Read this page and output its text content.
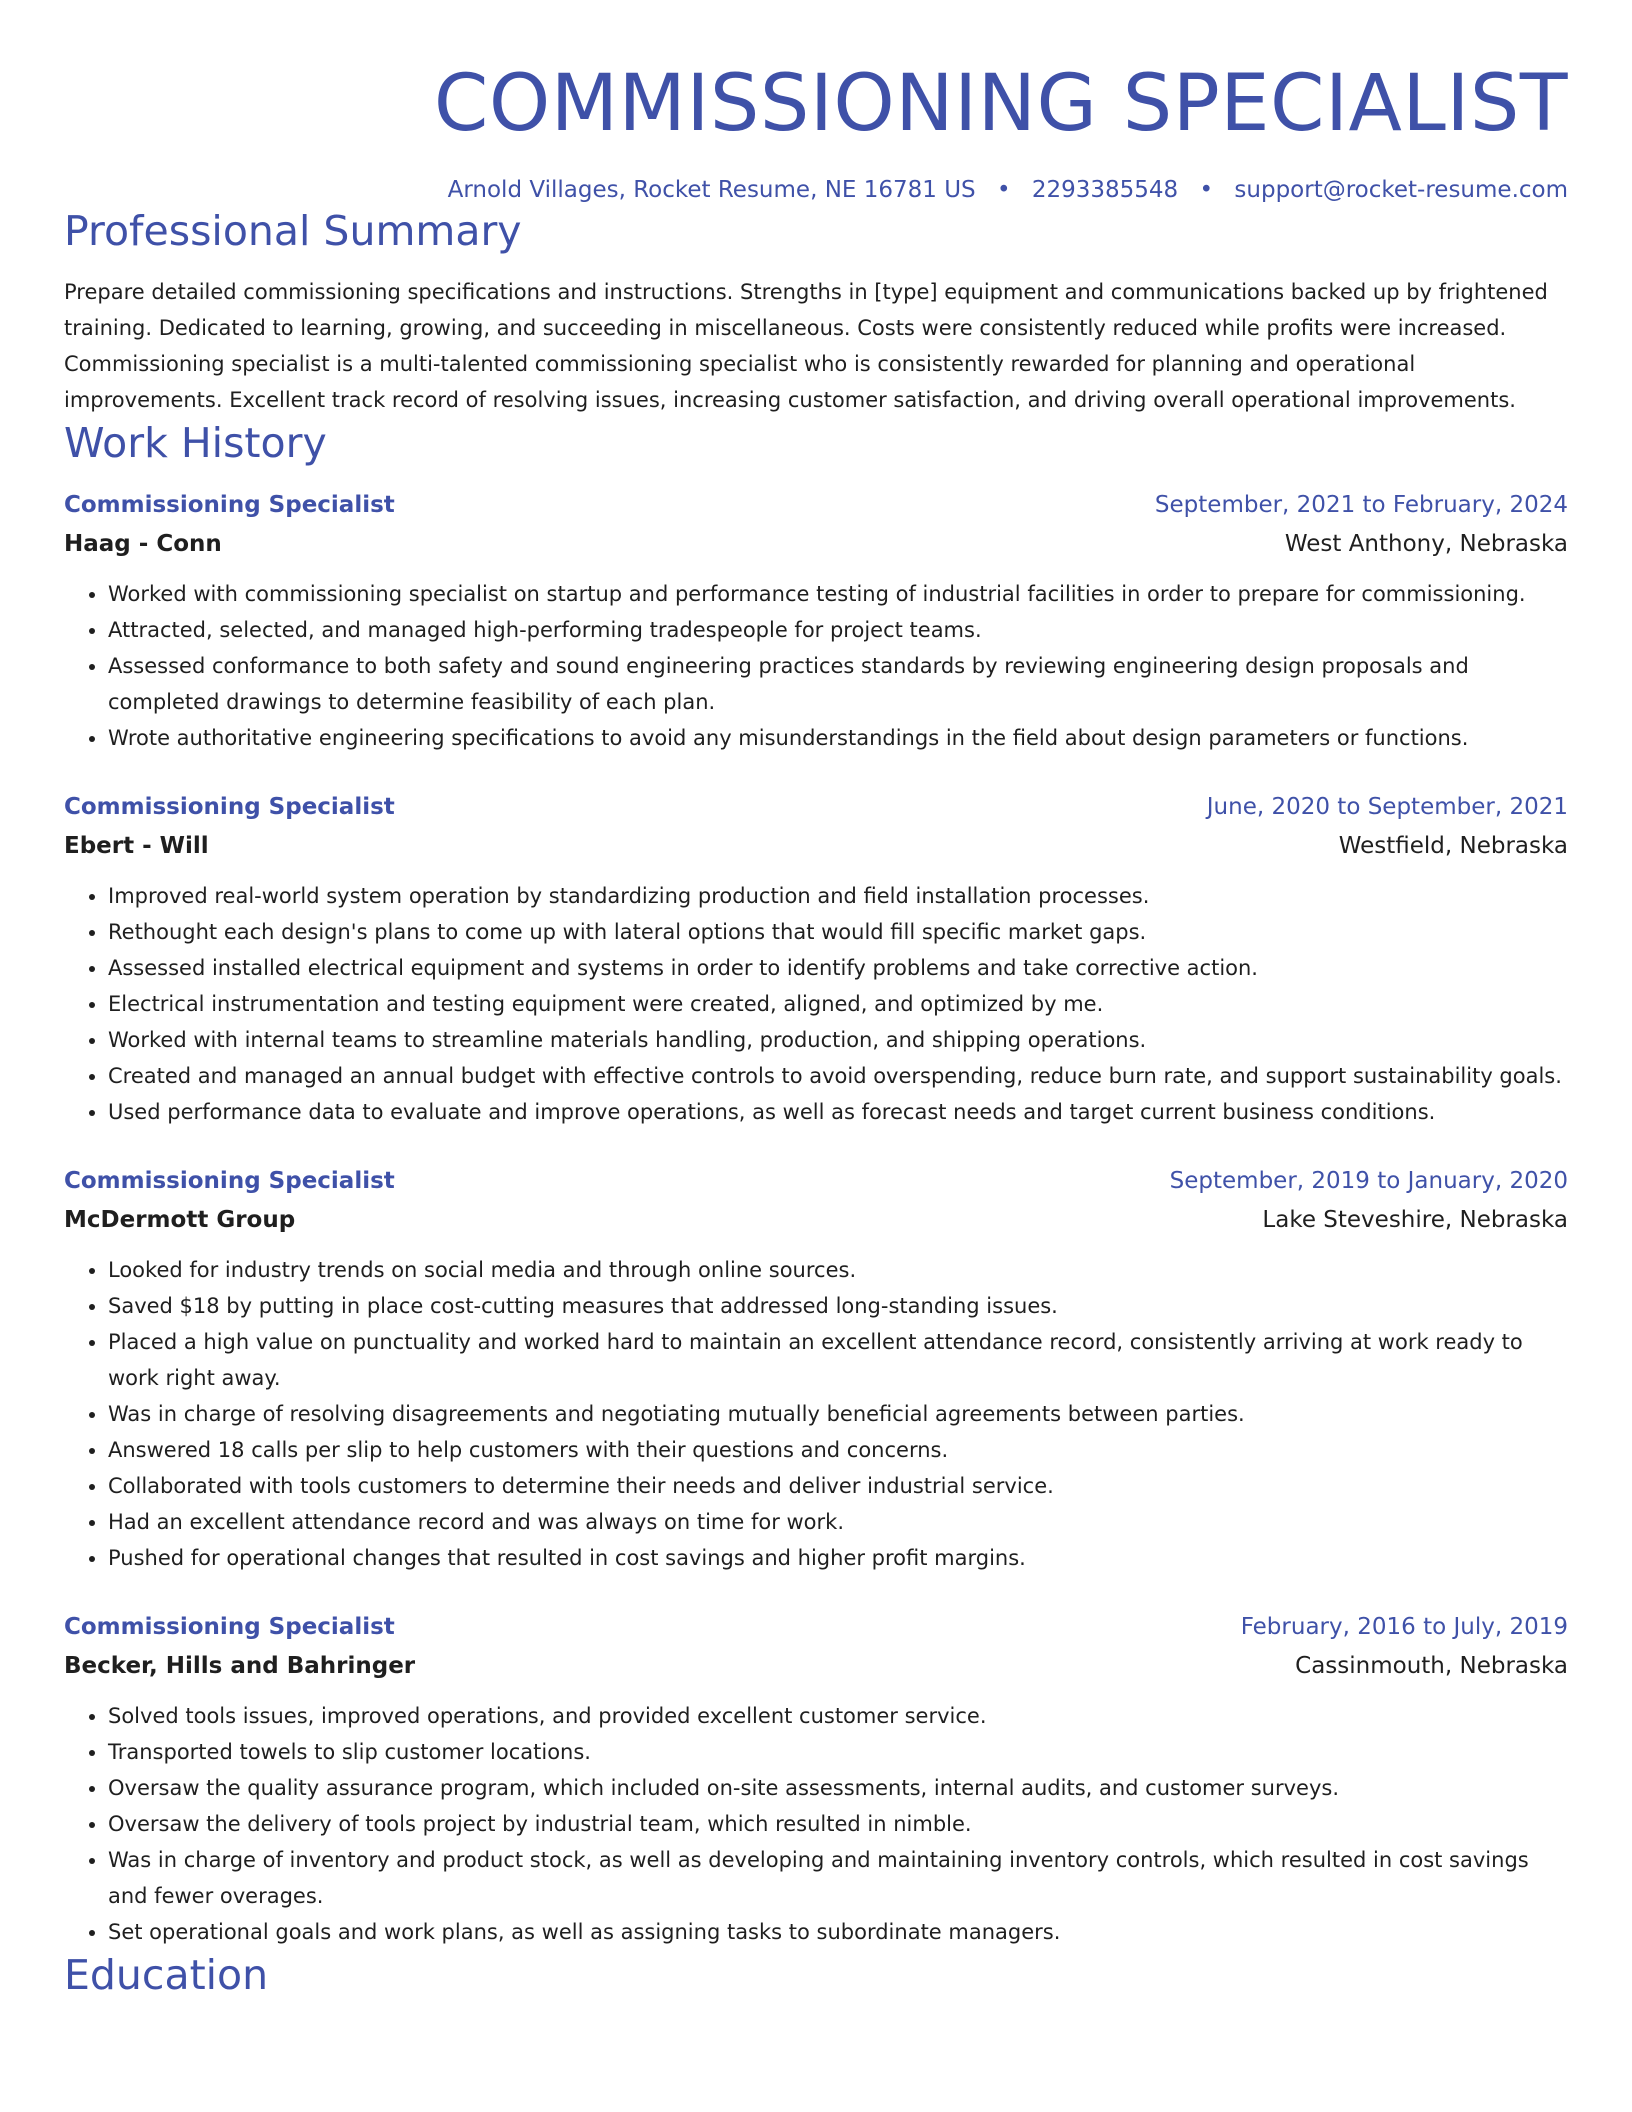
COMMISSIONING SPECIALIST
Arnold Villages, Rocket Resume, NE 16781 US • 2293385548 • support@rocket-resume.com
Professional Summary
Prepare detailed commissioning specifications and instructions. Strengths in [type] equipment and communications backed up by frightened training. Dedicated to learning, growing, and succeeding in miscellaneous. Costs were consistently reduced while profits were increased. Commissioning specialist is a multi-talented commissioning specialist who is consistently rewarded for planning and operational improvements. Excellent track record of resolving issues, increasing customer satisfaction, and driving overall operational improvements.
Work History
Commissioning Specialist	September, 2021 to February, 2024
Haag - Conn	West Anthony, Nebraska
• Worked with commissioning specialist on startup and performance testing of industrial facilities in order to prepare for commissioning.
• Attracted, selected, and managed high-performing tradespeople for project teams.
• Assessed conformance to both safety and sound engineering practices standards by reviewing engineering design proposals and completed drawings to determine feasibility of each plan.
• Wrote authoritative engineering specifications to avoid any misunderstandings in the field about design parameters or functions.
Commissioning Specialist	June, 2020 to September, 2021
Ebert - Will	Westfield, Nebraska
• Improved real-world system operation by standardizing production and field installation processes.
• Rethought each design's plans to come up with lateral options that would fill specific market gaps.
• Assessed installed electrical equipment and systems in order to identify problems and take corrective action.
• Electrical instrumentation and testing equipment were created, aligned, and optimized by me.
• Worked with internal teams to streamline materials handling, production, and shipping operations.
• Created and managed an annual budget with effective controls to avoid overspending, reduce burn rate, and support sustainability goals.
• Used performance data to evaluate and improve operations, as well as forecast needs and target current business conditions.
Commissioning Specialist	September, 2019 to January, 2020
McDermott Group	Lake Steveshire, Nebraska
• Looked for industry trends on social media and through online sources.
• Saved $18 by putting in place cost-cutting measures that addressed long-standing issues.
• Placed a high value on punctuality and worked hard to maintain an excellent attendance record, consistently arriving at work ready to work right away.
• Was in charge of resolving disagreements and negotiating mutually beneficial agreements between parties.
• Answered 18 calls per slip to help customers with their questions and concerns.
• Collaborated with tools customers to determine their needs and deliver industrial service.
• Had an excellent attendance record and was always on time for work.
• Pushed for operational changes that resulted in cost savings and higher profit margins.
Commissioning Specialist	February, 2016 to July, 2019
Becker, Hills and Bahringer	Cassinmouth, Nebraska
• Solved tools issues, improved operations, and provided excellent customer service.
• Transported towels to slip customer locations.
• Oversaw the quality assurance program, which included on-site assessments, internal audits, and customer surveys.
• Oversaw the delivery of tools project by industrial team, which resulted in nimble.
• Was in charge of inventory and product stock, as well as developing and maintaining inventory controls, which resulted in cost savings and fewer overages.
• Set operational goals and work plans, as well as assigning tasks to subordinate managers.
Education
